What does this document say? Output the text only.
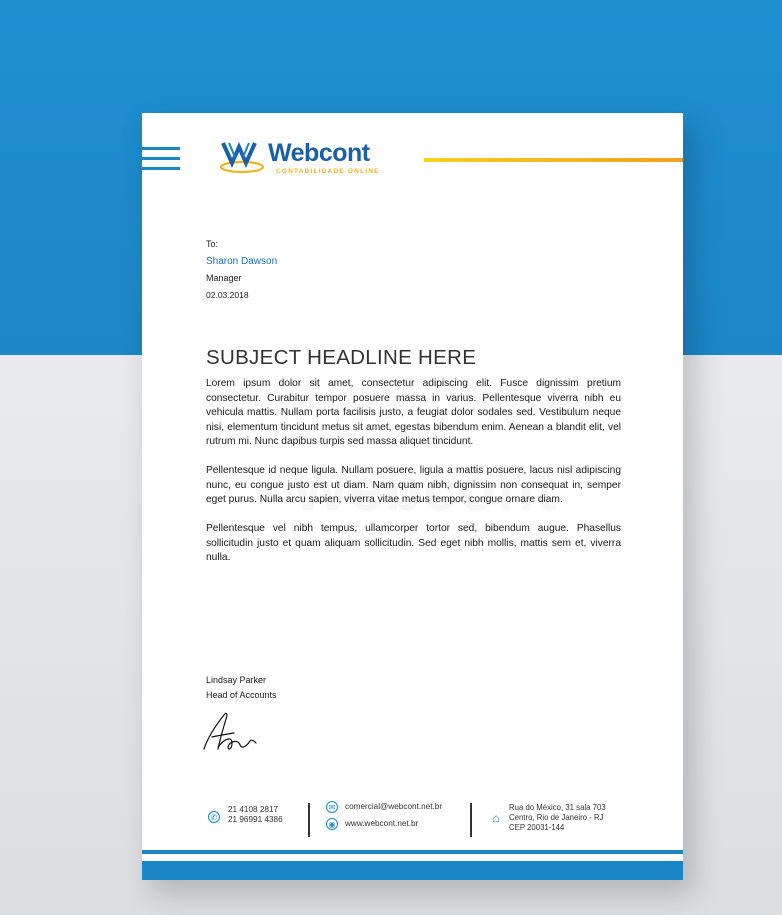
Webcont
CONTABILIDADE ONLINE
To:
Sharon Dawson
Manager
02.03.2018
SUBJECT HEADLINE HERE

Lorem ipsum dolor sit amet, consectetur adipiscing elit. Fusce dignissim pretium consectetur. Curabitur tempor posuere massa in varius. Pellentesque viverra nibh eu vehicula mattis. Nullam porta facilisis justo, a feugiat dolor sodales sed. Vestibulum neque nisi, elementum tincidunt metus sit amet, egestas bibendum enim. Aenean a blandit elit, vel rutrum mi. Nunc dapibus turpis sed massa aliquet tincidunt.

Pellentesque id neque ligula. Nullam posuere, ligula a mattis posuere, lacus nisl adipiscing nunc, eu congue justo est ut diam. Nam quam nibh, dignissim non consequat in, semper eget purus. Nulla arcu sapien, viverra vitae metus tempor, congue ornare diam.

Pellentesque vel nibh tempus, ullamcorper tortor sed, bibendum augue. Phasellus sollicitudin justo et quam aliquam sollicitudin. Sed eget nibh mollis, mattis sem et, viverra nulla.

Lindsay Parker
Head of Accounts
✆
21 4108 2817
21 96991 4386
✉	comercial@webcont.net.br
◉	www.webcont.net.br	⌂
Rua do México, 31 sala 703
Centro, Rio de Janeiro - RJ
CEP 20031-144
